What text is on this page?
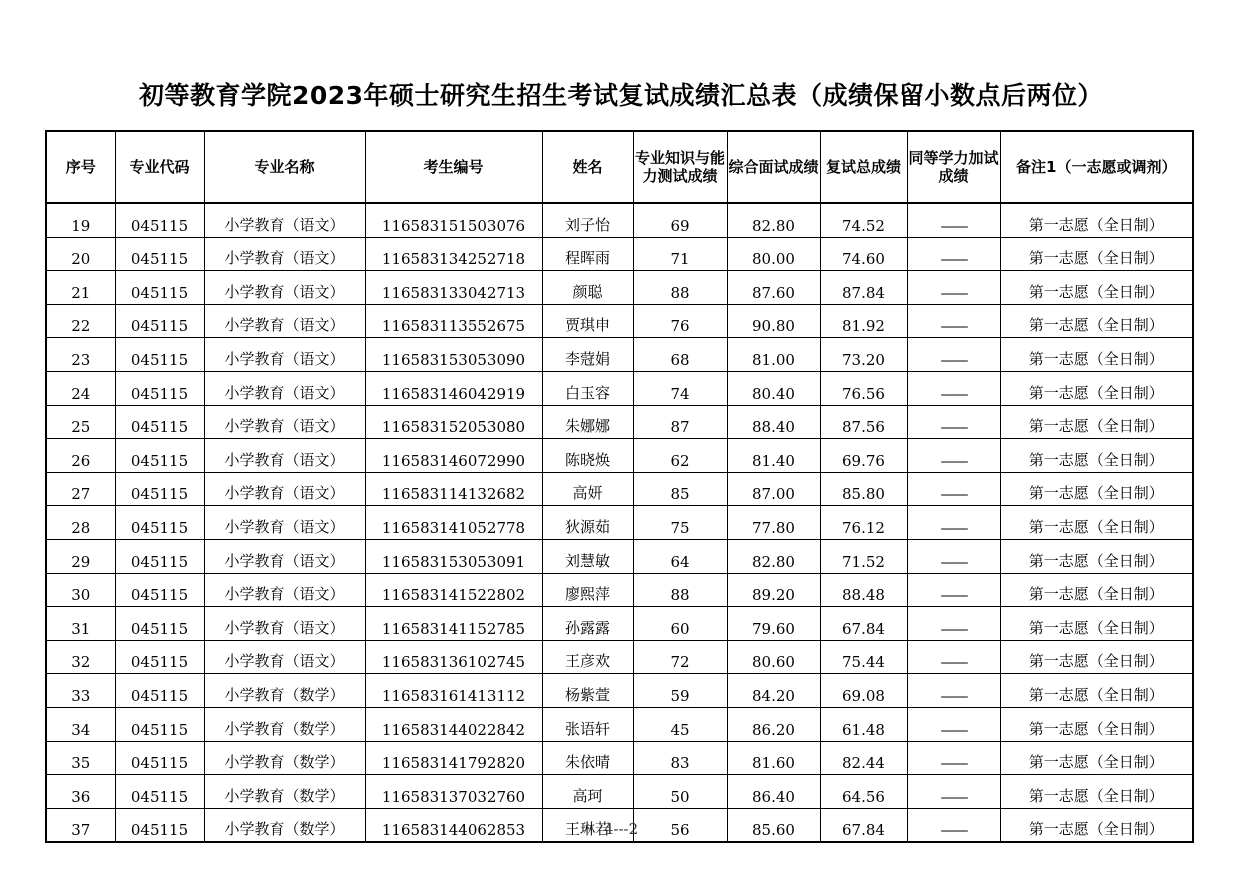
初等教育学院2023年硕士研究生招生考试复试成绩汇总表（成绩保留小数点后两位）
序号	专业代码	专业名称	考生编号	姓名	专业知识与能力测试成绩	综合面试成绩	复试总成绩	同等学力加试成绩	备注1（一志愿或调剂）
19	045115	小学教育（语文）	116583151503076	刘子怡	69	82.80	74.52	——	第一志愿（全日制）
20	045115	小学教育（语文）	116583134252718	程晖雨	71	80.00	74.60	——	第一志愿（全日制）
21	045115	小学教育（语文）	116583133042713	颜聪	88	87.60	87.84	——	第一志愿（全日制）
22	045115	小学教育（语文）	116583113552675	贾琪申	76	90.80	81.92	——	第一志愿（全日制）
23	045115	小学教育（语文）	116583153053090	李蒄娟	68	81.00	73.20	——	第一志愿（全日制）
24	045115	小学教育（语文）	116583146042919	白玉容	74	80.40	76.56	——	第一志愿（全日制）
25	045115	小学教育（语文）	116583152053080	朱娜娜	87	88.40	87.56	——	第一志愿（全日制）
26	045115	小学教育（语文）	116583146072990	陈晓焕	62	81.40	69.76	——	第一志愿（全日制）
27	045115	小学教育（语文）	116583114132682	高妍	85	87.00	85.80	——	第一志愿（全日制）
28	045115	小学教育（语文）	116583141052778	狄源茹	75	77.80	76.12	——	第一志愿（全日制）
29	045115	小学教育（语文）	116583153053091	刘慧敏	64	82.80	71.52	——	第一志愿（全日制）
30	045115	小学教育（语文）	116583141522802	廖熙萍	88	89.20	88.48	——	第一志愿（全日制）
31	045115	小学教育（语文）	116583141152785	孙露露	60	79.60	67.84	——	第一志愿（全日制）
32	045115	小学教育（语文）	116583136102745	王彦欢	72	80.60	75.44	——	第一志愿（全日制）
33	045115	小学教育（数学）	116583161413112	杨紫萱	59	84.20	69.08	——	第一志愿（全日制）
34	045115	小学教育（数学）	116583144022842	张语轩	45	86.20	61.48	——	第一志愿（全日制）
35	045115	小学教育（数学）	116583141792820	朱依晴	83	81.60	82.44	——	第一志愿（全日制）
36	045115	小学教育（数学）	116583137032760	高珂	50	86.40	64.56	——	第一志愿（全日制）
37	045115	小学教育（数学）	116583144062853	王琳若	56	85.60	67.84	——	第一志愿（全日制）
4---2
